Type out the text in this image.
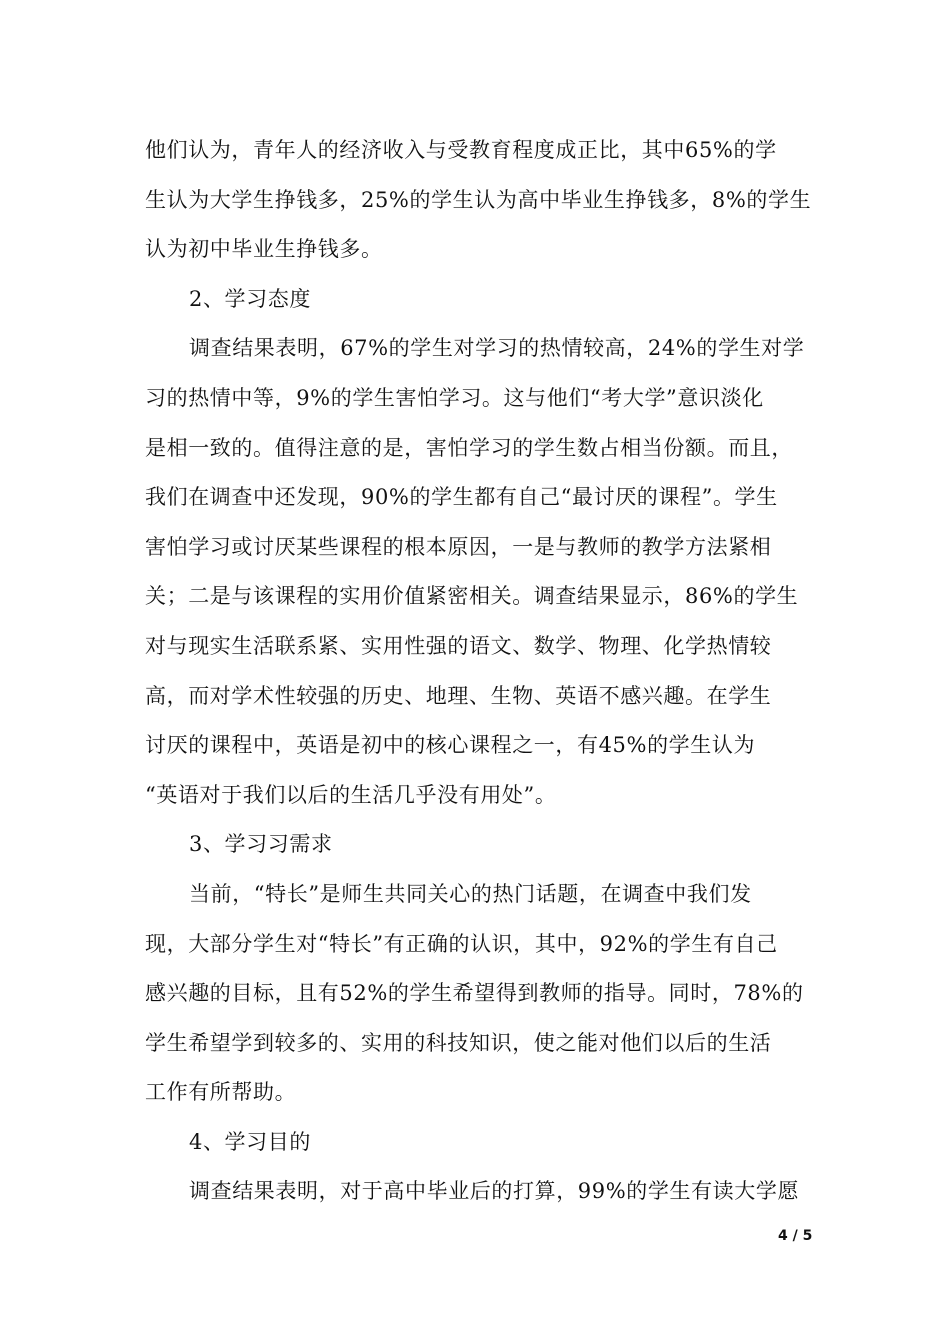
他们认为，青年人的经济收入与受教育程度成正比，其中65%的学
生认为大学生挣钱多，25%的学生认为高中毕业生挣钱多，8%的学生
认为初中毕业生挣钱多。
2、学习态度
调查结果表明，67%的学生对学习的热情较高，24%的学生对学
习的热情中等，9%的学生害怕学习。这与他们“考大学”意识淡化
是相一致的。值得注意的是，害怕学习的学生数占相当份额。而且，
我们在调查中还发现，90%的学生都有自己“最讨厌的课程”。学生
害怕学习或讨厌某些课程的根本原因，一是与教师的教学方法紧相
关；二是与该课程的实用价值紧密相关。调查结果显示，86%的学生
对与现实生活联系紧、实用性强的语文、数学、物理、化学热情较
高，而对学术性较强的历史、地理、生物、英语不感兴趣。在学生
讨厌的课程中，英语是初中的核心课程之一，有45%的学生认为
“英语对于我们以后的生活几乎没有用处”。
3、学习习需求
当前，“特长”是师生共同关心的热门话题，在调查中我们发
现，大部分学生对“特长”有正确的认识，其中，92%的学生有自己
感兴趣的目标，且有52%的学生希望得到教师的指导。同时，78%的
学生希望学到较多的、实用的科技知识，使之能对他们以后的生活
工作有所帮助。
4、学习目的
调查结果表明，对于高中毕业后的打算，99%的学生有读大学愿
4 / 5
